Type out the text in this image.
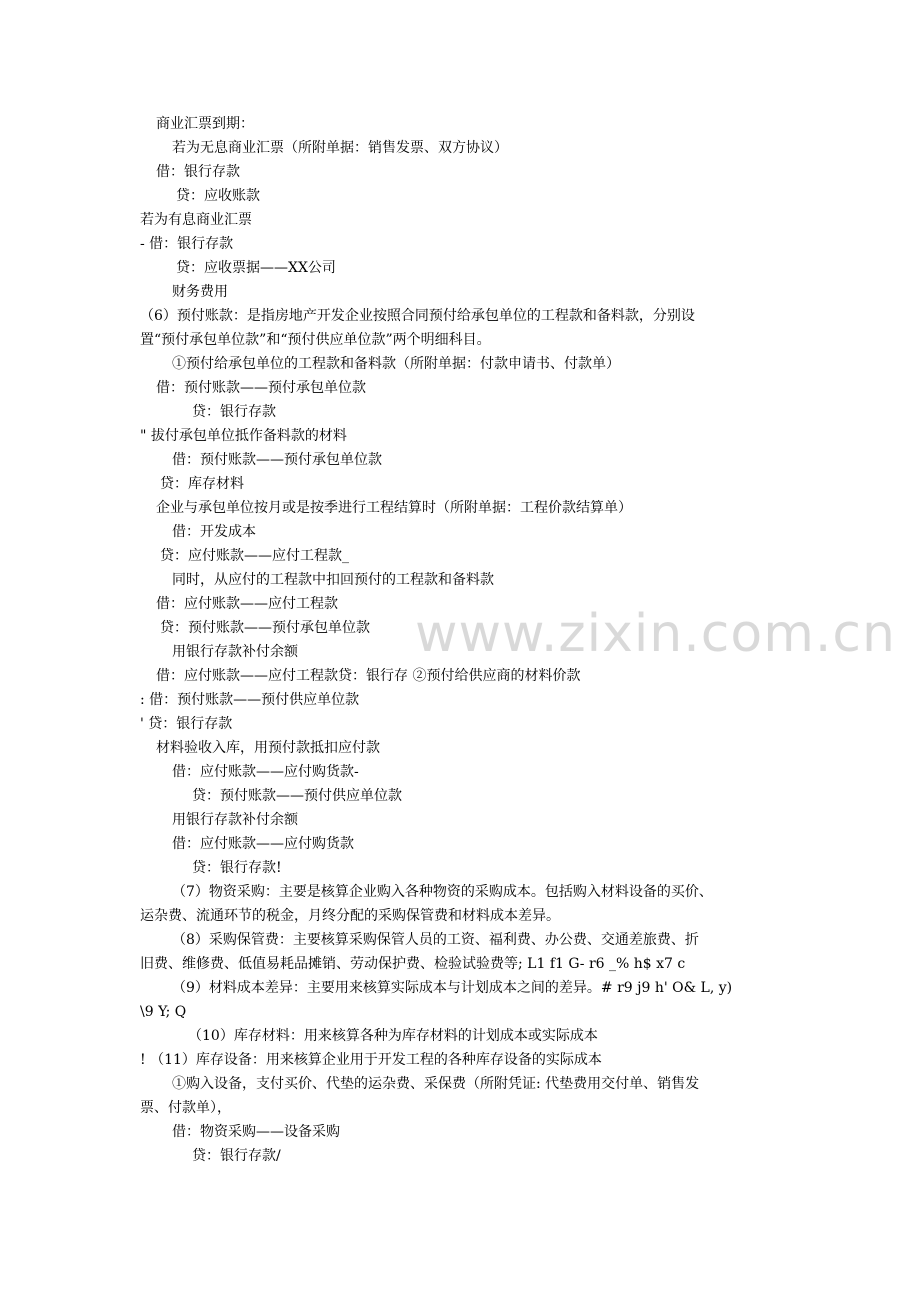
www.zixin.com.cn
商业汇票到期：
若为无息商业汇票（所附单据：销售发票、双方协议）
借：银行存款
贷：应收账款
若为有息商业汇票
- 借：银行存款
贷：应收票据——XX公司
财务费用
（6）预付账款：是指房地产开发企业按照合同预付给承包单位的工程款和备料款，分别设
置“预付承包单位款”和“预付供应单位款”两个明细科目。
①预付给承包单位的工程款和备料款（所附单据：付款申请书、付款单）
借：预付账款——预付承包单位款
贷：银行存款
" 拔付承包单位抵作备料款的材料
借：预付账款——预付承包单位款
贷：库存材料
企业与承包单位按月或是按季进行工程结算时（所附单据：工程价款结算单）
借：开发成本
贷：应付账款——应付工程款_
同时，从应付的工程款中扣回预付的工程款和备料款
借：应付账款——应付工程款
贷：预付账款——预付承包单位款
用银行存款补付余额
借：应付账款——应付工程款贷：银行存 ②预付给供应商的材料价款
: 借：预付账款——预付供应单位款
' 贷：银行存款
材料验收入库，用预付款抵扣应付款
借：应付账款——应付购货款-
贷：预付账款——预付供应单位款
用银行存款补付余额
借：应付账款——应付购货款
贷：银行存款!
（7）物资采购：主要是核算企业购入各种物资的采购成本。包括购入材料设备的买价、
运杂费、流通环节的税金，月终分配的采购保管费和材料成本差异。
（8）采购保管费：主要核算采购保管人员的工资、福利费、办公费、交通差旅费、折
旧费、维修费、低值易耗品摊销、劳动保护费、检验试验费等; L1 f1 G- r6 _% h$ x7 c
（9）材料成本差异：主要用来核算实际成本与计划成本之间的差异。# r9 j9 h' O& L, y)
\9 Y; Q
（10）库存材料：用来核算各种为库存材料的计划成本或实际成本
! （11）库存设备：用来核算企业用于开发工程的各种库存设备的实际成本
①购入设备，支付买价、代垫的运杂费、采保费（所附凭证: 代垫费用交付单、销售发
票、付款单），
借：物资采购——设备采购
贷：银行存款/
